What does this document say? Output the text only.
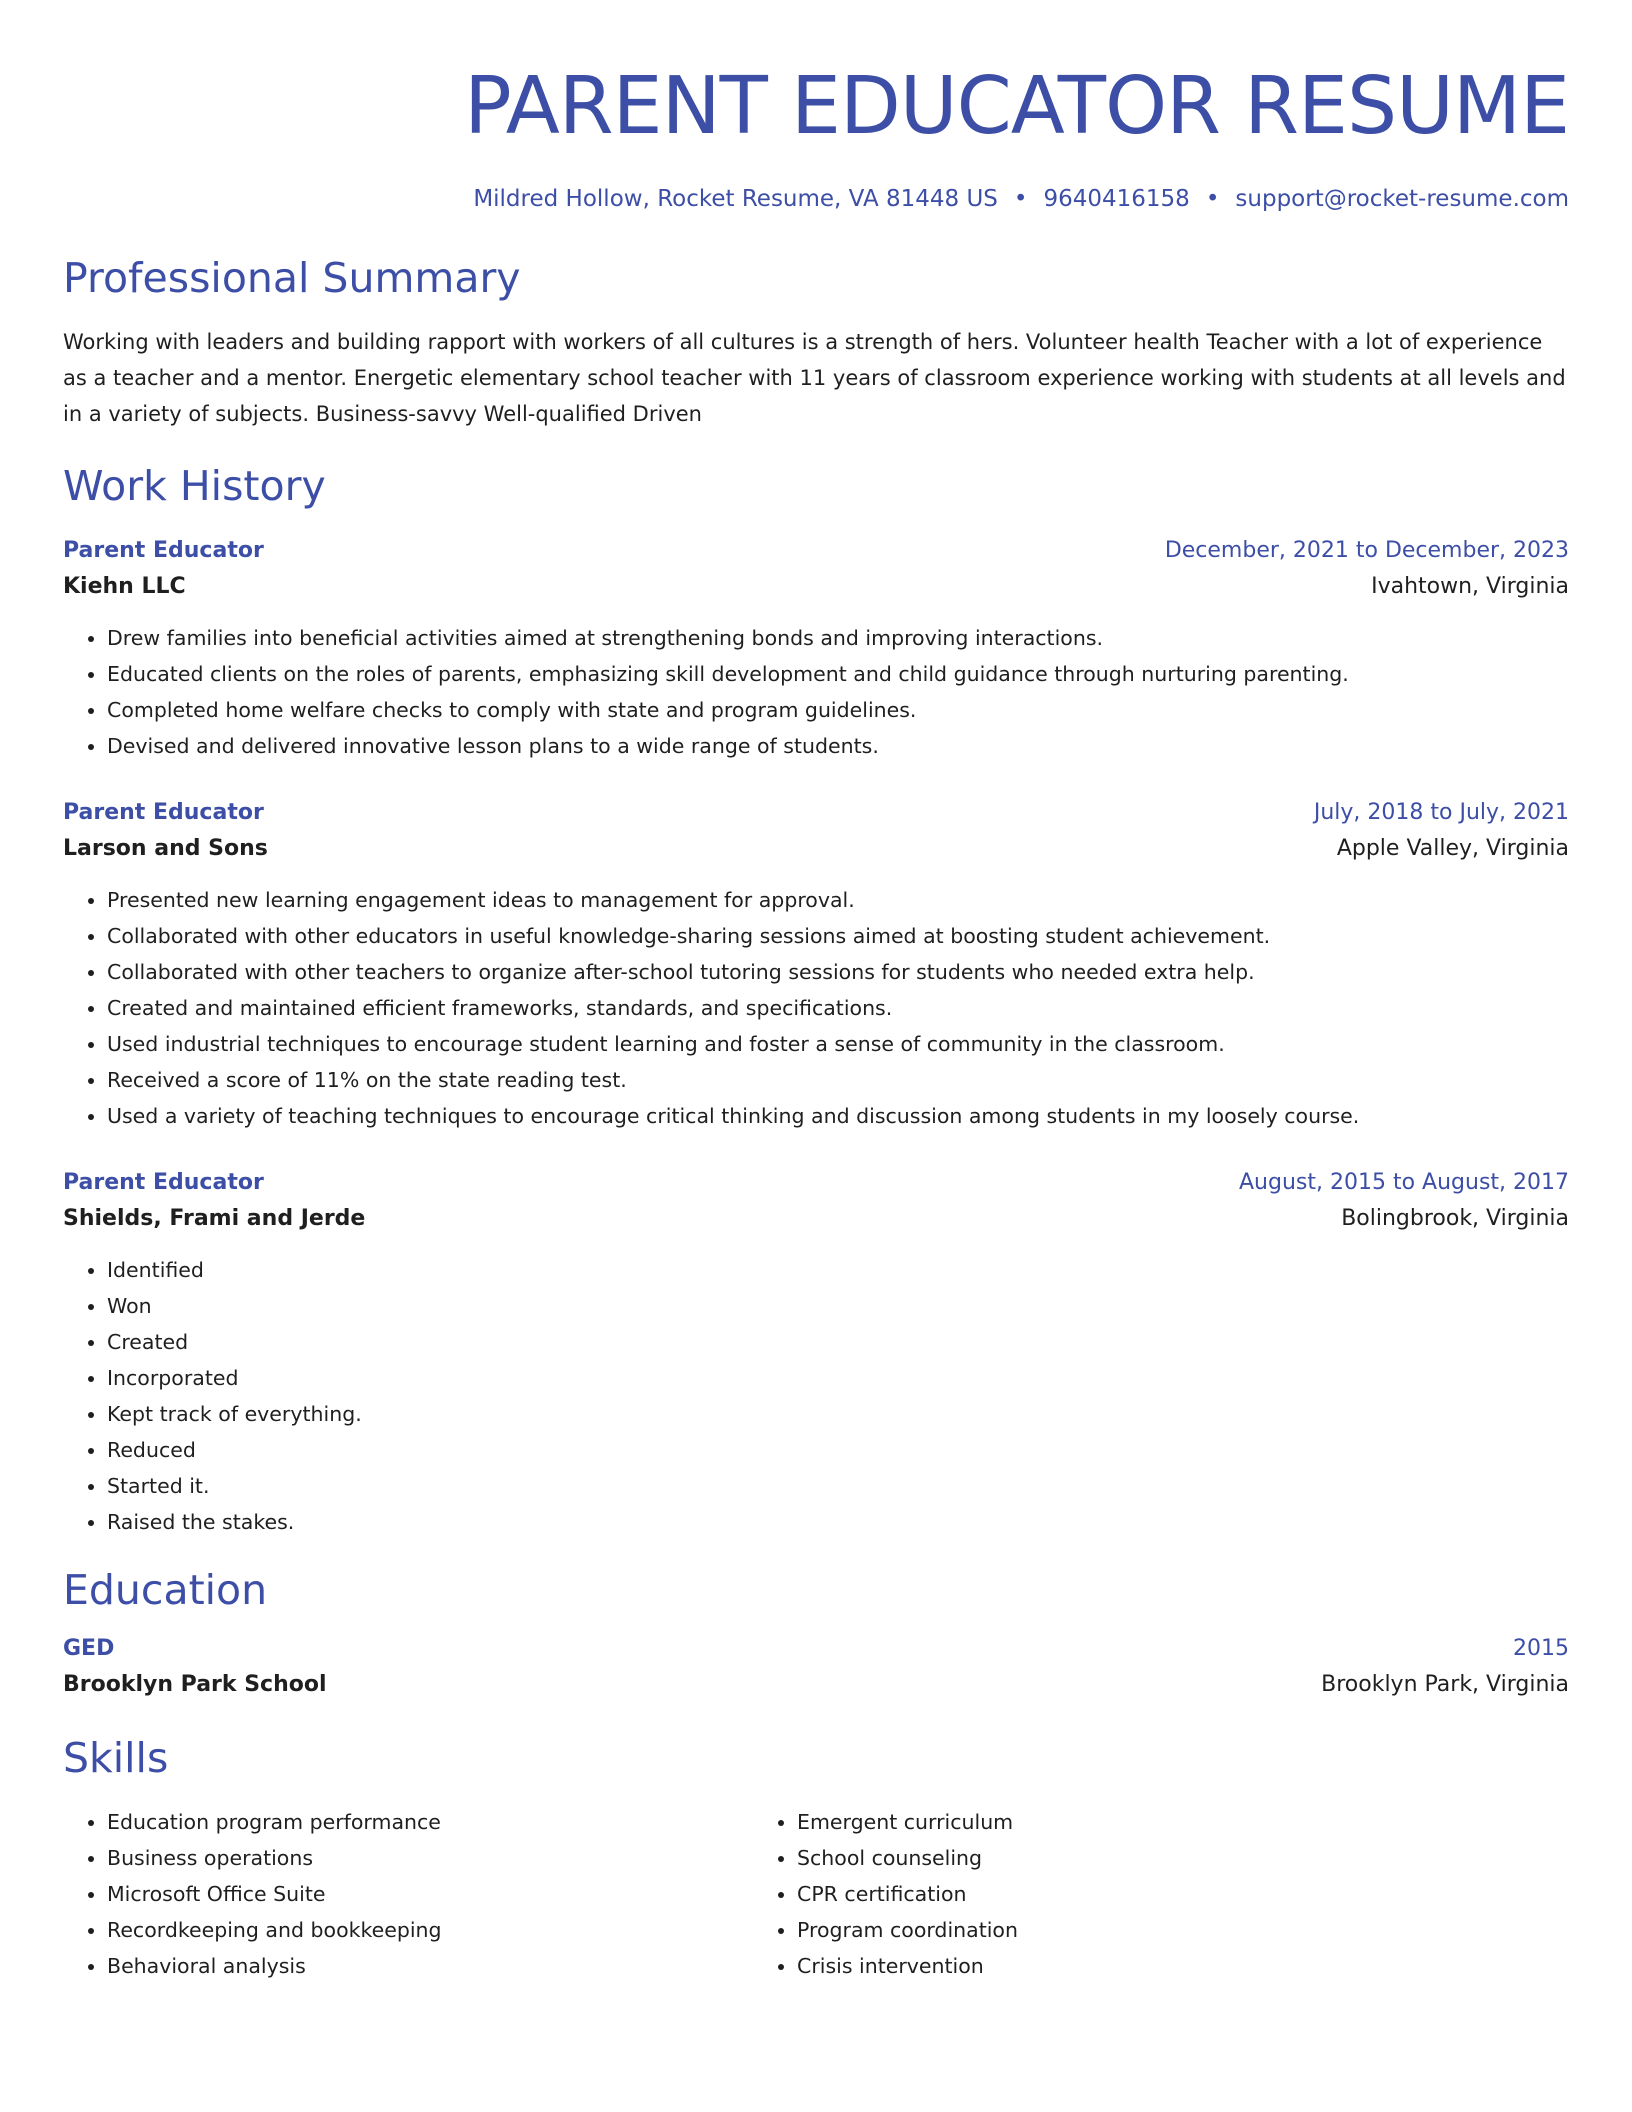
PARENT EDUCATOR RESUME
Mildred Hollow, Rocket Resume, VA 81448 US • 9640416158 • support@rocket-resume.com
Professional Summary

Working with leaders and building rapport with workers of all cultures is a strength of hers. Volunteer health Teacher with a lot of experience as a teacher and a mentor. Energetic elementary school teacher with 11 years of classroom experience working with students at all levels and in a variety of subjects. Business-savvy Well-qualified Driven

Work History
Parent Educator	December, 2021 to December, 2023
Kiehn LLC	Ivahtown, Virginia
• Drew families into beneficial activities aimed at strengthening bonds and improving interactions.
• Educated clients on the roles of parents, emphasizing skill development and child guidance through nurturing parenting.
• Completed home welfare checks to comply with state and program guidelines.
• Devised and delivered innovative lesson plans to a wide range of students.
Parent Educator	July, 2018 to July, 2021
Larson and Sons	Apple Valley, Virginia
• Presented new learning engagement ideas to management for approval.
• Collaborated with other educators in useful knowledge-sharing sessions aimed at boosting student achievement.
• Collaborated with other teachers to organize after-school tutoring sessions for students who needed extra help.
• Created and maintained efficient frameworks, standards, and specifications.
• Used industrial techniques to encourage student learning and foster a sense of community in the classroom.
• Received a score of 11% on the state reading test.
• Used a variety of teaching techniques to encourage critical thinking and discussion among students in my loosely course.
Parent Educator	August, 2015 to August, 2017
Shields, Frami and Jerde	Bolingbrook, Virginia
• Identified
• Won
• Created
• Incorporated
• Kept track of everything.
• Reduced
• Started it.
• Raised the stakes.
Education
GED	2015
Brooklyn Park School	Brooklyn Park, Virginia
Skills
• Education program performance
• Business operations
• Microsoft Office Suite
• Recordkeeping and bookkeeping
• Behavioral analysis
• Emergent curriculum
• School counseling
• CPR certification
• Program coordination
• Crisis intervention
